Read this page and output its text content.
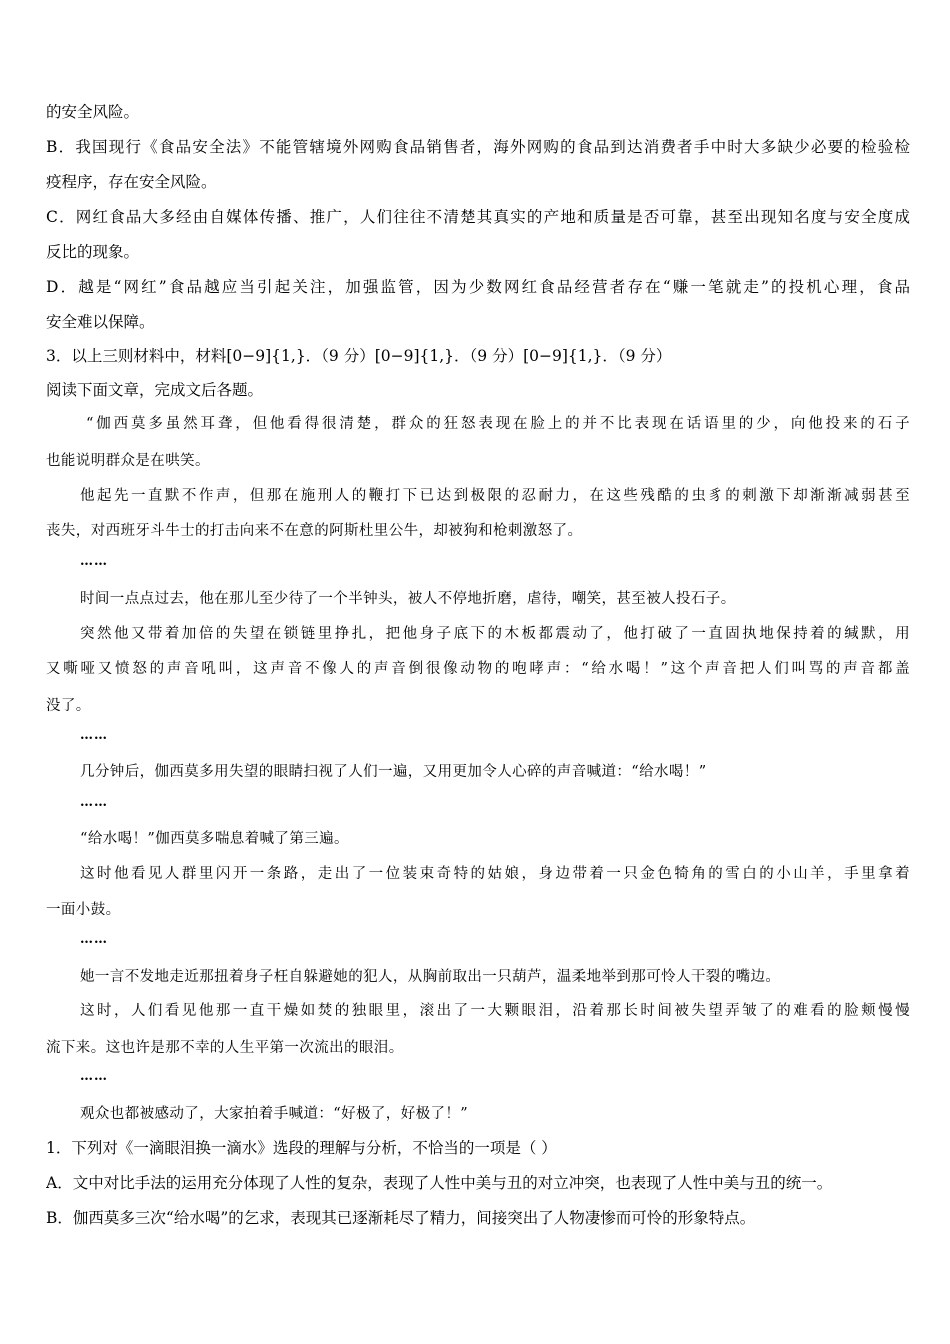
的安全风险。
B．我国现行《食品安全法》不能管辖境外网购食品销售者，海外网购的食品到达消费者手中时大多缺少必要的检验检
疫程序，存在安全风险。
C．网红食品大多经由自媒体传播、推广，人们往往不清楚其真实的产地和质量是否可靠，甚至出现知名度与安全度成
反比的现象。
D．越是“网红”食品越应当引起关注，加强监管，因为少数网红食品经营者存在“赚一笔就走”的投机心理，食品
安全难以保障。
3．以上三则材料中，材料[0−9]{1,}．（9 分）[0−9]{1,}．（9 分）[0−9]{1,}．（9 分）
阅读下面文章，完成文后各题。
“伽西莫多虽然耳聋，但他看得很清楚，群众的狂怒表现在脸上的并不比表现在话语里的少，向他投来的石子
也能说明群众是在哄笑。
他起先一直默不作声，但那在施刑人的鞭打下已达到极限的忍耐力，在这些残酷的虫豸的刺激下却渐渐减弱甚至
丧失，对西班牙斗牛士的打击向来不在意的阿斯杜里公牛，却被狗和枪刺激怒了。
……
时间一点点过去，他在那儿至少待了一个半钟头，被人不停地折磨，虐待，嘲笑，甚至被人投石子。
突然他又带着加倍的失望在锁链里挣扎，把他身子底下的木板都震动了，他打破了一直固执地保持着的缄默，用
又嘶哑又愤怒的声音吼叫，这声音不像人的声音倒很像动物的咆哮声：“给水喝！”这个声音把人们叫骂的声音都盖
没了。
……
几分钟后，伽西莫多用失望的眼睛扫视了人们一遍，又用更加令人心碎的声音喊道：“给水喝！”
……
“给水喝！”伽西莫多喘息着喊了第三遍。
这时他看见人群里闪开一条路，走出了一位装束奇特的姑娘，身边带着一只金色犄角的雪白的小山羊，手里拿着
一面小鼓。
……
她一言不发地走近那扭着身子枉自躲避她的犯人，从胸前取出一只葫芦，温柔地举到那可怜人干裂的嘴边。
这时，人们看见他那一直干燥如焚的独眼里，滚出了一大颗眼泪，沿着那长时间被失望弄皱了的难看的脸颊慢慢
流下来。这也许是那不幸的人生平第一次流出的眼泪。
……
观众也都被感动了，大家拍着手喊道：“好极了，好极了！”
1．下列对《一滴眼泪换一滴水》选段的理解与分析，不恰当的一项是（ ）
A．文中对比手法的运用充分体现了人性的复杂，表现了人性中美与丑的对立冲突，也表现了人性中美与丑的统一。
B．伽西莫多三次“给水喝”的乞求，表现其已逐渐耗尽了精力，间接突出了人物凄惨而可怜的形象特点。
